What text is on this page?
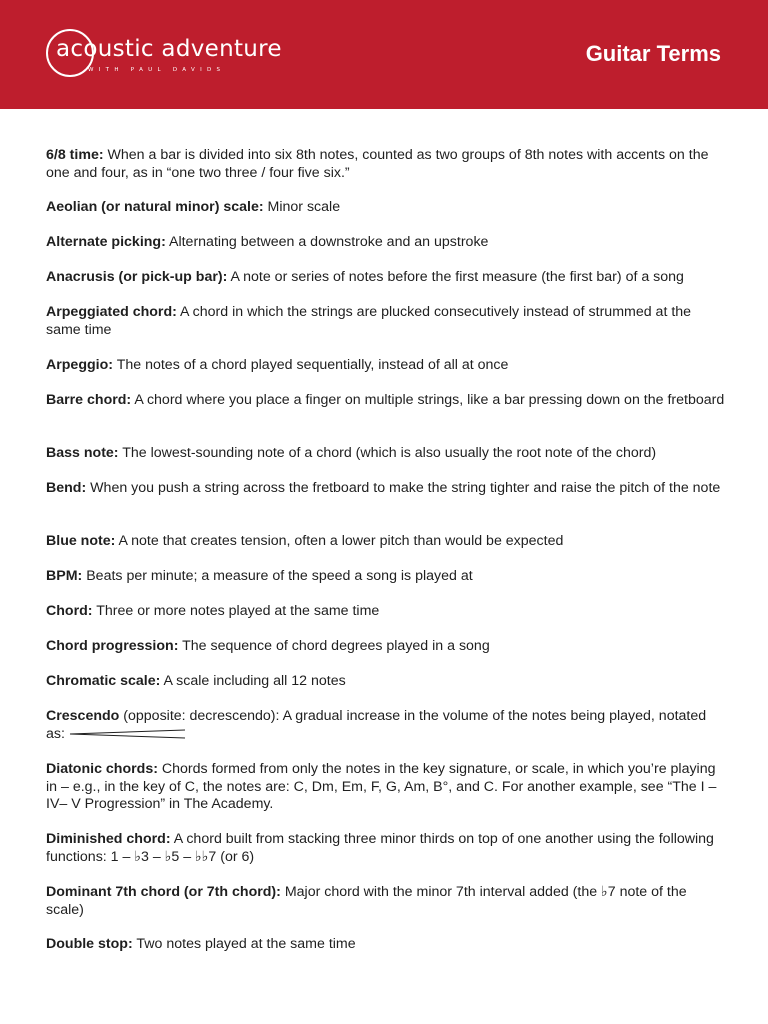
acoustic adventure
WITH PAUL DAVIDS
Guitar Terms

6/8 time: When a bar is divided into six 8th notes, counted as two groups of 8th notes with accents on the one and four, as in “one two three / four five six.”

Aeolian (or natural minor) scale: Minor scale

Alternate picking: Alternating between a downstroke and an upstroke

Anacrusis (or pick-up bar): A note or series of notes before the first measure (the first bar) of a song

Arpeggiated chord: A chord in which the strings are plucked consecutively instead of strummed at the same time

Arpeggio: The notes of a chord played sequentially, instead of all at once

Barre chord: A chord where you place a finger on multiple strings, like a bar pressing down on the fretboard

Bass note: The lowest-sounding note of a chord (which is also usually the root note of the chord)

Bend: When you push a string across the fretboard to make the string tighter and raise the pitch of the note

Blue note: A note that creates tension, often a lower pitch than would be expected

BPM: Beats per minute; a measure of the speed a song is played at

Chord: Three or more notes played at the same time

Chord progression: The sequence of chord degrees played in a song

Chromatic scale: A scale including all 12 notes

Crescendo (opposite: decrescendo): A gradual increase in the volume of the notes being played, notated as:

Diatonic chords: Chords formed from only the notes in the key signature, or scale, in which you’re playing in – e.g., in the key of C, the notes are: C, Dm, Em, F, G, Am, B°, and C. For another example, see “The I – IV– V Progression” in The Academy.

Diminished chord: A chord built from stacking three minor thirds on top of one another using the following functions: 1 – ♭3 – ♭5 – ♭♭7 (or 6)

Dominant 7th chord (or 7th chord): Major chord with the minor 7th interval added (the ♭7 note of the scale)

Double stop: Two notes played at the same time
